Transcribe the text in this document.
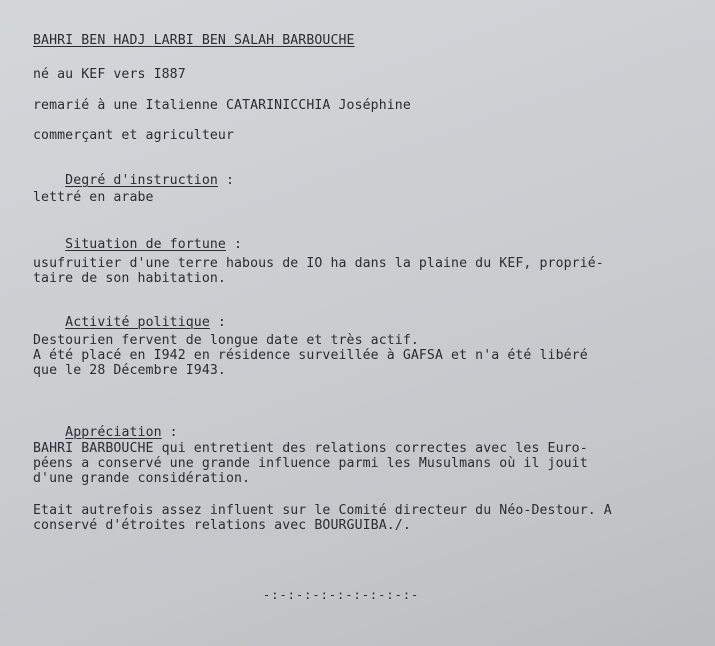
BAHRI BEN HADJ LARBI BEN SALAH BARBOUCHE
né au KEF vers I887
remarié à une Italienne CATARINICCHIA Joséphine
commerçant et agriculteur

Degré d'instruction :

lettré en arabe

Situation de fortune :

usufruitier d'une terre habous de IO ha dans la plaine du KEF, proprié-
taire de son habitation.

Activité politique :

Destourien fervent de longue date et très actif.
A été placé en I942 en résidence surveillée à GAFSA et n'a été libéré
que le 28 Décembre I943.

Appréciation :

BAHRI BARBOUCHE qui entretient des relations correctes avec les Euro-
péens a conservé une grande influence parmi les Musulmans où il jouit
d'une grande considération.
Etait autrefois assez influent sur le Comité directeur du Néo-Destour. A
conservé d'étroites relations avec BOURGUIBA./.
-:-:-:-:-:-:-:-:-:-
